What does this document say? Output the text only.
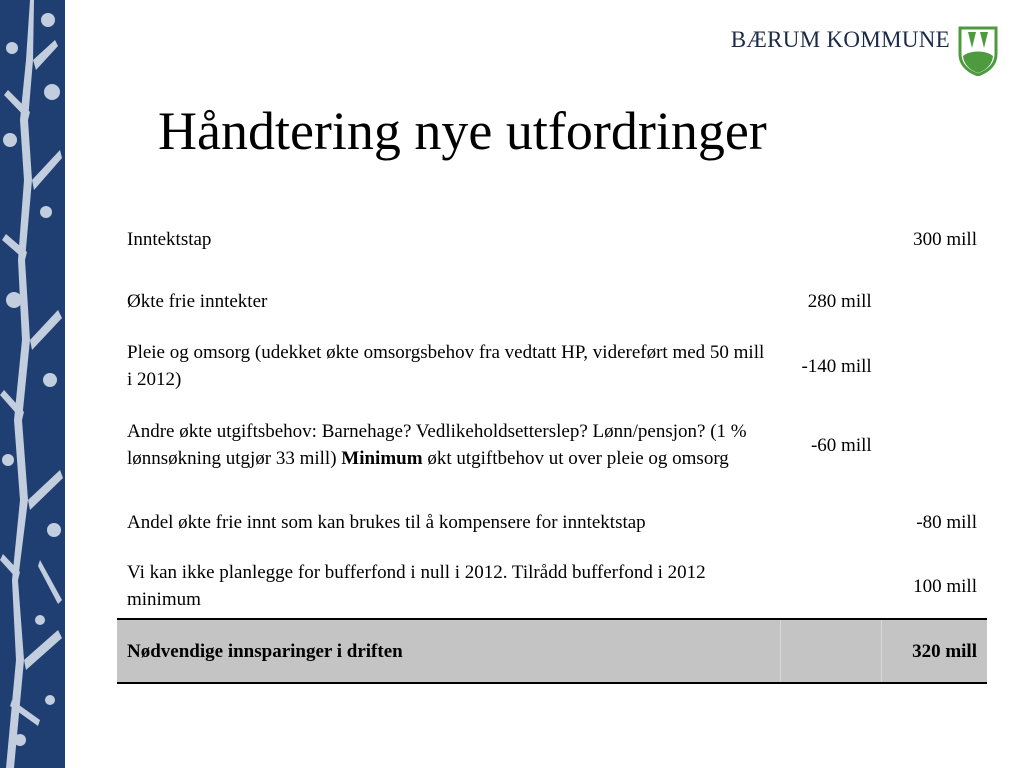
BÆRUM KOMMUNE
Håndtering nye utfordringer
Inntektstap		300 mill
Økte frie inntekter	280 mill	
Pleie og omsorg (udekket økte omsorgsbehov fra vedtatt HP, videreført med 50 mill i 2012)	-140 mill	
Andre økte utgiftsbehov: Barnehage? Vedlikeholdsetterslep? Lønn/pensjon? (1 % lønnsøkning utgjør 33 mill) Minimum økt utgiftbehov ut over pleie og omsorg	-60 mill	
Andel økte frie innt som kan brukes til å kompensere for inntektstap		-80 mill
Vi kan ikke planlegge for bufferfond i null i 2012. Tilrådd bufferfond i 2012 minimum		100 mill
Nødvendige innsparinger i driften		320 mill
